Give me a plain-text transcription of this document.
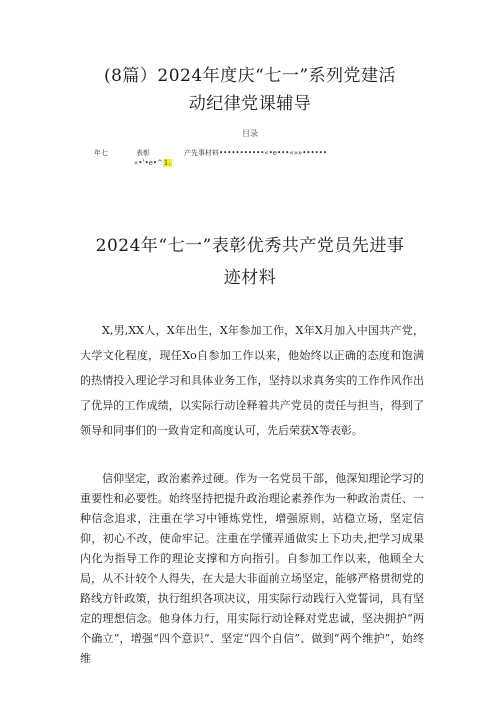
(8篇）2024年度庆“七一”系列党建活
动纪律党课辅导
目录
年七	表彰	产先事材料•••••••••••«•e•••«»»••••••
«•’•e•^1.
2024年“七一”表彰优秀共产党员先进事
迹材料
X,男,XX人，X年出生，X年参加工作，X年X月加入中国共产党，大学文化程度，现任Xo自参加工作以来，他始终以正确的态度和饱满的热情投入理论学习和具体业务工作，坚持以求真务实的工作作风作出了优异的工作成绩，以实际行动诠释着共产党员的责任与担当，得到了领导和同事们的一致肯定和高度认可，先后荣获X等表彰。
信仰坚定，政治素养过硬。作为一名党员干部，他深知理论学习的重要性和必要性。始终坚持把提升政治理论素养作为一种政治责任、一种信念追求，注重在学习中锤炼党性，增强原则，站稳立场，坚定信仰，初心不改，使命牢记。注重在学懂弄通做实上下功夫,把学习成果内化为指导工作的理论支撑和方向指引。自参加工作以来，他顾全大局，从不计较个人得失，在大是大非面前立场坚定，能够严格贯彻党的路线方针政策，执行组织各项决议，用实际行动践行入党誓词，具有坚定的理想信念。他身体力行，用实际行动诠释对党忠诚，坚决拥护“两个确立”，增强“四个意识”、坚定“四个自信”、做到“两个维护”，始终维
